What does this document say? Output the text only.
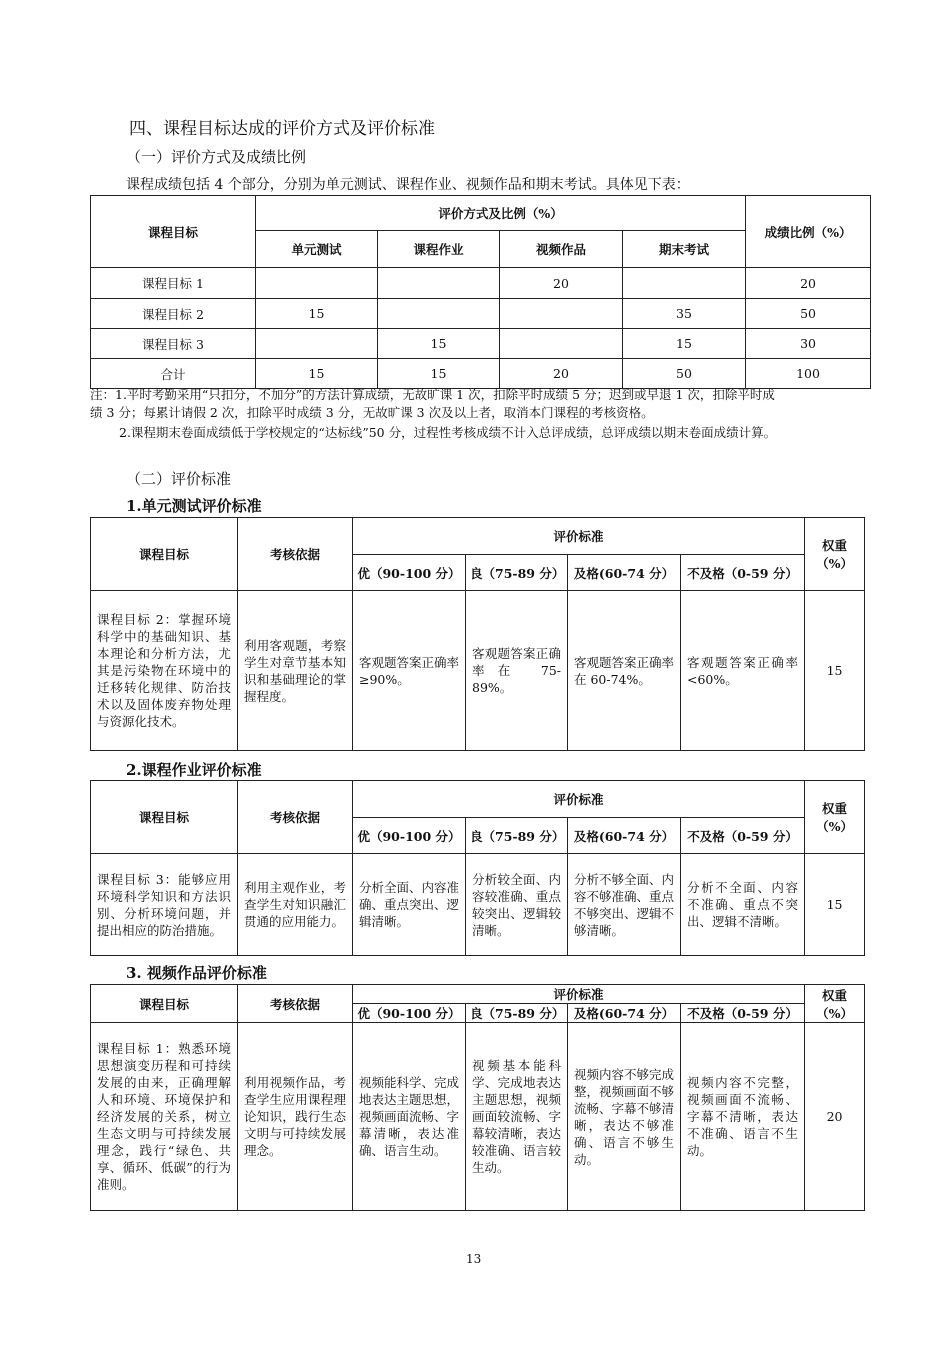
四、课程目标达成的评价方式及评价标准
（一）评价方式及成绩比例
课程成绩包括 4 个部分，分别为单元测试、课程作业、视频作品和期末考试。具体见下表：
课程目标	评价方式及比例（%）				成绩比例（%）
	单元测试	课程作业	视频作品	期末考试	
课程目标 1			20		20
课程目标 2	15			35	50
课程目标 3		15		15	30
合计	15	15	20	50	100
注：1.平时考勤采用“只扣分，不加分”的方法计算成绩，无故旷课 1 次，扣除平时成绩 5 分；迟到或早退 1 次，扣除平时成
绩 3 分；每累计请假 2 次，扣除平时成绩 3 分，无故旷课 3 次及以上者，取消本门课程的考核资格。
2.课程期末卷面成绩低于学校规定的“达标线”50 分，过程性考核成绩不计入总评成绩，总评成绩以期末卷面成绩计算。
（二）评价标准
1.单元测试评价标准
课程目标	考核依据	评价标准				权重（%）
		优（90-100 分）	良（75-89 分）	及格(60-74 分）	不及格（0-59 分）	
课程目标 2：掌握环境科学中的基础知识、基本理论和分析方法，尤其是污染物在环境中的迁移转化规律、防治技术以及固体废弃物处理与资源化技术。	利用客观题，考察学生对章节基本知识和基础理论的掌握程度。	客观题答案正确率≥90%。	客观题答案正确率在 75-89%。	客观题答案正确率在 60-74%。	客观题答案正确率<60%。	15
2.课程作业评价标准
课程目标	考核依据	评价标准				权重（%）
		优（90-100 分）	良（75-89 分）	及格(60-74 分）	不及格（0-59 分）	
课程目标 3：能够应用环境科学知识和方法识别、分析环境问题，并提出相应的防治措施。	利用主观作业，考查学生对知识融汇贯通的应用能力。	分析全面、内容准确、重点突出、逻辑清晰。	分析较全面、内容较准确、重点较突出、逻辑较清晰。	分析不够全面、内容不够准确、重点不够突出、逻辑不够清晰。	分析不全面、内容不准确、重点不突出、逻辑不清晰。	15
3. 视频作品评价标准
课程目标	考核依据	评价标准				权重（%）
		优（90-100 分）	良（75-89 分）	及格(60-74 分）	不及格（0-59 分）	
课程目标 1：熟悉环境思想演变历程和可持续发展的由来，正确理解人和环境、环境保护和经济发展的关系，树立生态文明与可持续发展理念，践行“绿色、共享、循环、低碳”的行为准则。	利用视频作品，考查学生应用课程理论知识，践行生态文明与可持续发展理念。	视频能科学、完成地表达主题思想，视频画面流畅、字幕清晰，表达准确、语言生动。	视频基本能科学、完成地表达主题思想，视频画面较流畅、字幕较清晰，表达较准确、语言较生动。	视频内容不够完成整，视频画面不够流畅、字幕不够清晰，表达不够准确、语言不够生动。	视频内容不完整，视频画面不流畅、字幕不清晰，表达不准确、语言不生动。	20
13
